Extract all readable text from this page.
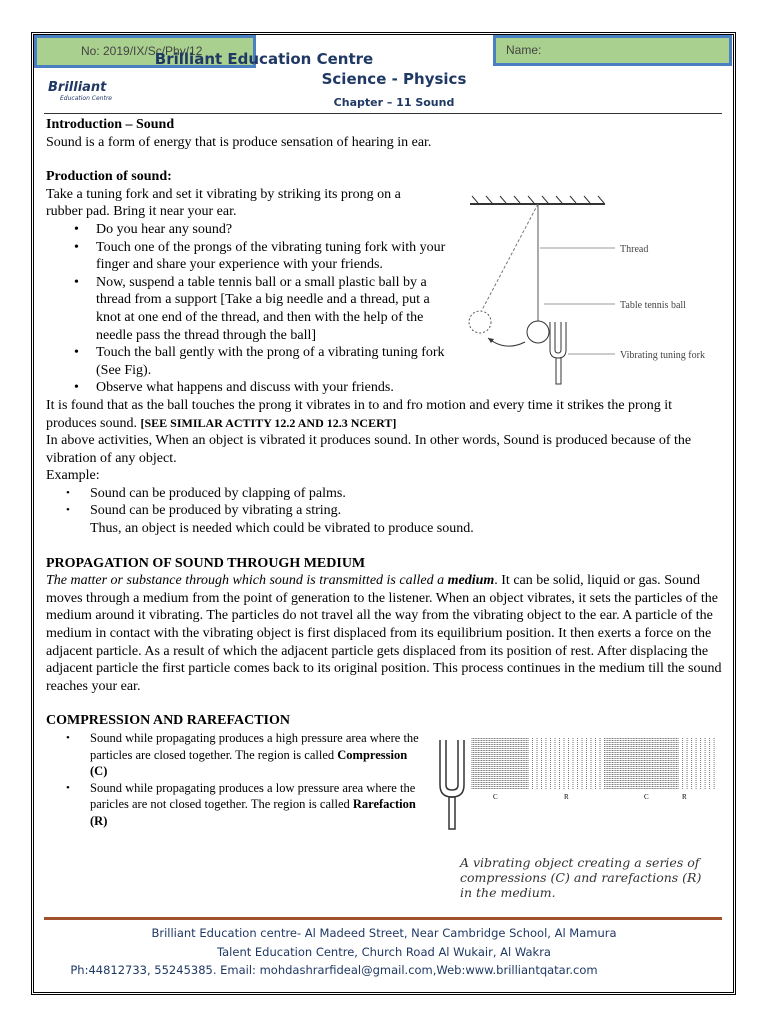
No: 2019/IX/Sc/Phy/12	Name:
Brilliant Education Centre
Science - Physics
Chapter – 11 Sound
Brilliant
Education Centre
Introduction – Sound
Sound is a form of energy that is produce sensation of hearing in ear.
Production of sound:
Take a tuning fork and set it vibrating by striking its prong on a rubber pad. Bring it near your ear.
• Do you hear any sound?
• Touch one of the prongs of the vibrating tuning fork with your finger and share your experience with your friends.
• Now, suspend a table tennis ball or a small plastic ball by a thread from a support [Take a big needle and a thread, put a knot at one end of the thread, and then with the help of the needle pass the thread through the ball]
• Touch the ball gently with the prong of a vibrating tuning fork (See Fig).
• Observe what happens and discuss with your friends.
It is found that as the ball touches the prong it vibrates in to and fro motion and every time it strikes the prong it produces sound. [SEE SIMILAR ACTITY 12.2 AND 12.3 NCERT]
In above activities, When an object is vibrated it produces sound. In other words, Sound is produced because of the vibration of any object.
Example:
• Sound can be produced by clapping of palms.
• Sound can be produced by vibrating a string.
Thus, an object is needed which could be vibrated to produce sound.
PROPAGATION OF SOUND THROUGH MEDIUM
The matter or substance through which sound is transmitted is called a medium. It can be solid, liquid or gas. Sound moves through a medium from the point of generation to the listener. When an object vibrates, it sets the particles of the medium around it vibrating. The particles do not travel all the way from the vibrating object to the ear. A particle of the medium in contact with the vibrating object is first displaced from its equilibrium position. It then exerts a force on the adjacent particle. As a result of which the adjacent particle gets displaced from its position of rest. After displacing the adjacent particle the first particle comes back to its original position. This process continues in the medium till the sound reaches your ear.
COMPRESSION AND RAREFACTION
• Sound while propagating produces a high pressure area where the particles are closed together. The region is called Compression (C)
• Sound while propagating produces a low pressure area where the paricles are not closed together. The region is called Rarefaction (R)
Thread
Table tennis ball
Vibrating tuning fork
C	R	C	R
A vibrating object creating a series of compressions (C) and rarefactions (R) in the medium.
Brilliant Education centre- Al Madeed Street, Near Cambridge School, Al Mamura
Talent Education Centre, Church Road Al Wukair, Al Wakra
Ph:44812733, 55245385. Email: mohdashrarfideal@gmail.com,Web:www.brilliantqatar.com
